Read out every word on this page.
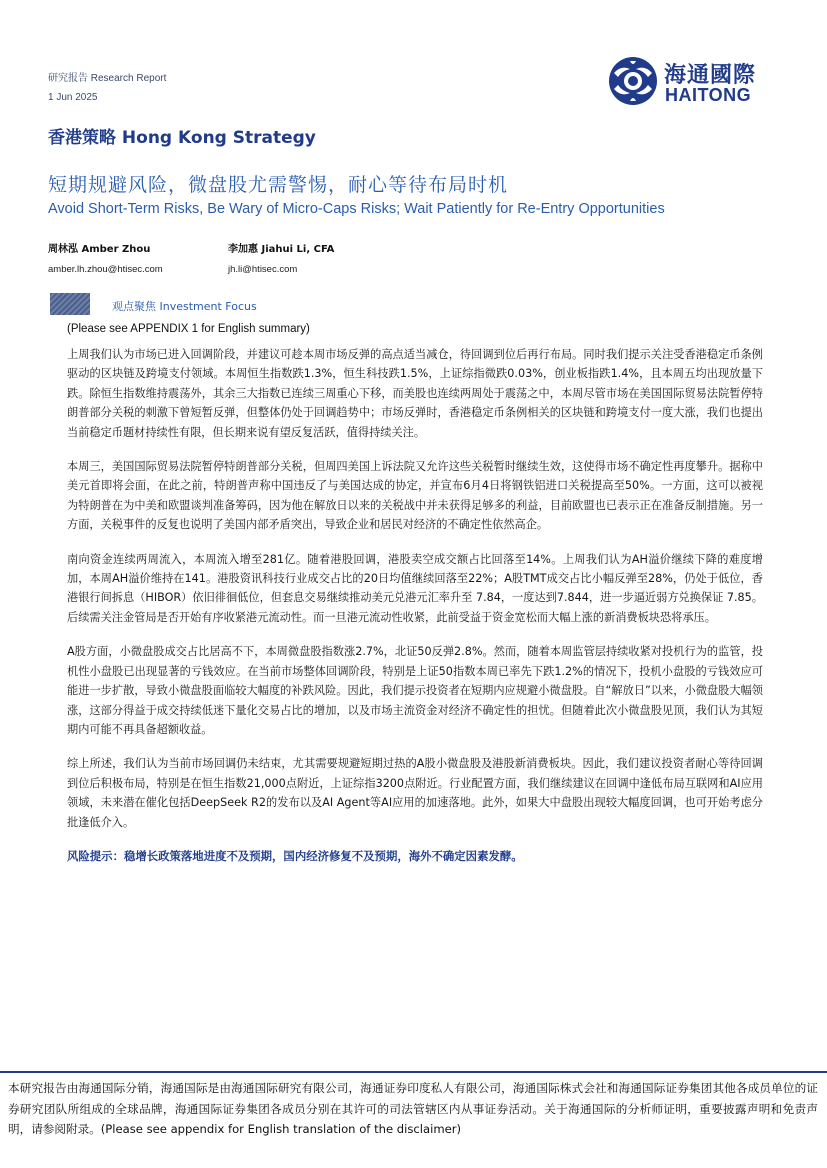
研究报告 Research Report
1 Jun 2025
海通國際
HAITONG
香港策略 Hong Kong Strategy
短期规避风险，微盘股尤需警惕，耐心等待布局时机
Avoid Short-Term Risks, Be Wary of Micro-Caps Risks; Wait Patiently for Re-Entry Opportunities
周林泓 Amber Zhou
amber.lh.zhou@htisec.com
李加惠 Jiahui Li, CFA
jh.li@htisec.com
观点聚焦 Investment Focus
(Please see APPENDIX 1 for English summary)

上周我们认为市场已进入回调阶段，并建议可趁本周市场反弹的高点适当减仓，待回调到位后再行布局。同时我们提示关注受香港稳定币条例驱动的区块链及跨境支付领域。本周恒生指数跌1.3%，恒生科技跌1.5%，上证综指微跌0.03%，创业板指跌1.4%，且本周五均出现放量下跌。除恒生指数维持震荡外，其余三大指数已连续三周重心下移，而美股也连续两周处于震荡之中，本周尽管市场在美国国际贸易法院暂停特朗普部分关税的刺激下曾短暂反弹，但整体仍处于回调趋势中；市场反弹时，香港稳定币条例相关的区块链和跨境支付一度大涨，我们也提出当前稳定币题材持续性有限，但长期来说有望反复活跃，值得持续关注。

本周三，美国国际贸易法院暂停特朗普部分关税，但周四美国上诉法院又允许这些关税暂时继续生效，这使得市场不确定性再度攀升。据称中美元首即将会面，在此之前，特朗普声称中国违反了与美国达成的协定，并宣布6月4日将钢铁铝进口关税提高至50%。一方面，这可以被视为特朗普在为中美和欧盟谈判准备筹码，因为他在解放日以来的关税战中并未获得足够多的利益，目前欧盟也已表示正在准备反制措施。另一方面，关税事件的反复也说明了美国内部矛盾突出，导致企业和居民对经济的不确定性依然高企。

南向资金连续两周流入，本周流入增至281亿。随着港股回调，港股卖空成交额占比回落至14%。上周我们认为AH溢价继续下降的难度增加，本周AH溢价维持在141。港股资讯科技行业成交占比的20日均值继续回落至22%；A股TMT成交占比小幅反弹至28%，仍处于低位，香港银行间拆息（HIBOR）依旧徘徊低位，但套息交易继续推动美元兑港元汇率升至 7.84，一度达到7.844，进一步逼近弱方兑换保证 7.85。后续需关注金管局是否开始有序收紧港元流动性。而一旦港元流动性收紧，此前受益于资金宽松而大幅上涨的新消费板块恐将承压。

A股方面，小微盘股成交占比居高不下，本周微盘股指数涨2.7%，北证50反弹2.8%。然而，随着本周监管层持续收紧对投机行为的监管，投机性小盘股已出现显著的亏钱效应。在当前市场整体回调阶段，特别是上证50指数本周已率先下跌1.2%的情况下，投机小盘股的亏钱效应可能进一步扩散，导致小微盘股面临较大幅度的补跌风险。因此，我们提示投资者在短期内应规避小微盘股。自“解放日”以来，小微盘股大幅领涨，这部分得益于成交持续低迷下量化交易占比的增加，以及市场主流资金对经济不确定性的担忧。但随着此次小微盘股见顶，我们认为其短期内可能不再具备超额收益。

综上所述，我们认为当前市场回调仍未结束，尤其需要规避短期过热的A股小微盘股及港股新消费板块。因此，我们建议投资者耐心等待回调到位后积极布局，特别是在恒生指数21,000点附近，上证综指3200点附近。行业配置方面，我们继续建议在回调中逢低布局互联网和AI应用领域，未来潜在催化包括DeepSeek R2的发布以及AI Agent等AI应用的加速落地。此外，如果大中盘股出现较大幅度回调，也可开始考虑分批逢低介入。

风险提示：稳增长政策落地进度不及预期，国内经济修复不及预期，海外不确定因素发酵。
本研究报告由海通国际分销，海通国际是由海通国际研究有限公司，海通证券印度私人有限公司，海通国际株式会社和海通国际证券集团其他各成员单位的证券研究团队所组成的全球品牌，海通国际证券集团各成员分别在其许可的司法管辖区内从事证券活动。关于海通国际的分析师证明，重要披露声明和免责声明，请参阅附录。(Please see appendix for English translation of the disclaimer)
